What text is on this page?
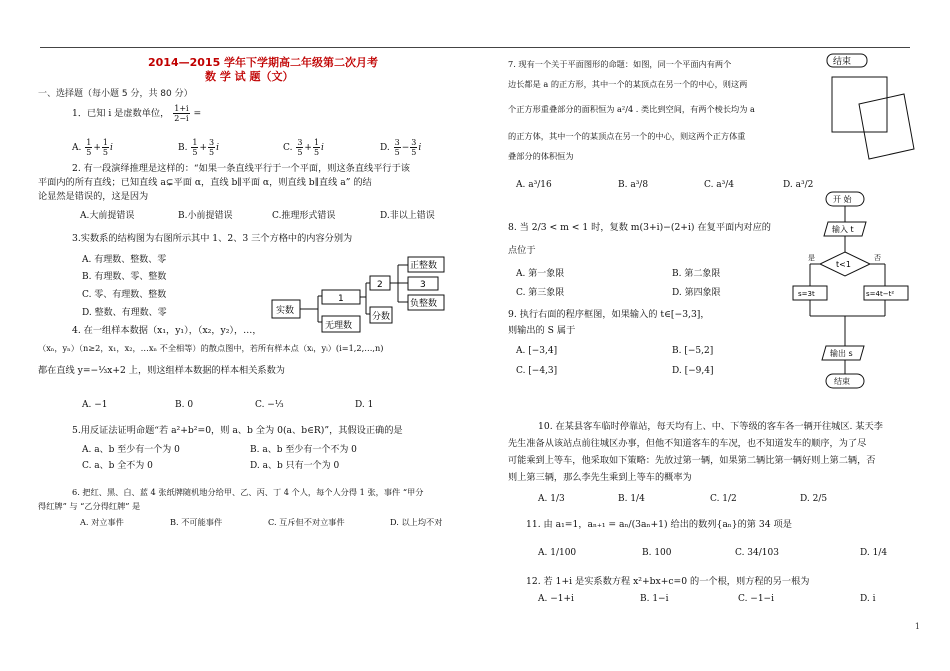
2014—2015 学年下学期高二年级第二次月考
数 学 试 题（文）
一、选择题（每小题 5 分，共 80 分）
1．已知 i 是虚数单位， $\frac{1+i}{2-i}$ =
A. $\frac{1}{5} + \frac{1}{5}$ i	B. $\frac{1}{5} + \frac{3}{5}$ i	C. $\frac{3}{5} + \frac{1}{5}$ i	D. $\frac{3}{5} - \frac{3}{5}$ i
2. 有一段演绎推理是这样的：“如果一条直线平行于一个平面，则这条直线平行于该
平面内的所有直线；已知直线 a⊊平面 α，直线 b∥平面 α，则直线 b∥直线 a” 的结
论显然是错误的，这是因为
A.大前提错误	B.小前提错误	C.推理形式错误	D.非以上错误
3.实数系的结构图为右图所示其中 1、2、3 三个方格中的内容分别为
A. 有理数、整数、零
B. 有理数、零、整数
C. 零、有理数、整数
D. 整数、有理数、零	实数
1
无理数
2
分数
正整数
3
负整数
4. 在一组样本数据（x₁，y₁），（x₂，y₂），…，
（xₙ，yₙ）（n≥2，x₁，x₂，…xₙ 不全相等）的散点图中，若所有样本点（xᵢ，yᵢ）(i=1,2,…,n)
都在直线 y=−⅓x+2 上，则这组样本数据的样本相关系数为
A. −1	B. 0	C. −⅓	D. 1
5.用反证法证明命题“若 a²+b²=0，则 a、b 全为 0(a、b∈R)”，其假设正确的是
A. a、b 至少有一个为 0	B. a、b 至少有一个不为 0
C. a、b 全不为 0	D. a、b 只有一个为 0
6. 把红、黑、白、蓝 4 张纸牌随机地分给甲、乙、丙、丁 4 个人，每个人分得 1 张，事件 “甲分
得红牌” 与 “乙分得红牌” 是
A. 对立事件	B. 不可能事件	C. 互斥但不对立事件	D. 以上均不对
7. 现有一个关于平面图形的命题：如图，同一个平面内有两个
边长都是 a 的正方形，其中一个的某顶点在另一个的中心，则这两
个正方形重叠部分的面积恒为 a²/4 . 类比到空间，有两个棱长均为 a
的正方体，其中一个的某顶点在另一个的中心，则这两个正方体重
叠部分的体积恒为
A. a³/16	B. a³/8	C. a³/4	D. a³/2
结束
8. 当 2/3 < m < 1 时，复数 m(3+i)−(2+i) 在复平面内对应的
点位于
A. 第一象限	B. 第二象限
C. 第三象限	D. 第四象限
9. 执行右面的程序框图，如果输入的 t∈[−3,3]，
则输出的 S 属于
A. [−3,4]	B. [−5,2]
C. [−4,3]	D. [−9,4]
开 始
输入 t
t<1
是	否
s=3t	s=4t−t²
输出 s
结束
10. 在某县客车临时停靠站，每天均有上、中、下等级的客车各一辆开往城区. 某天李
先生准备从该站点前往城区办事，但他不知道客车的车况，也不知道发车的顺序，为了尽
可能乘到上等车，他采取如下策略：先放过第一辆，如果第二辆比第一辆好则上第二辆，否
则上第三辆，那么李先生乘到上等车的概率为
A. 1/3	B. 1/4	C. 1/2	D. 2/5
11. 由 a₁=1，aₙ₊₁ = aₙ/(3aₙ+1) 给出的数列{aₙ}的第 34 项是
A. 1/100	B. 100	C. 34/103	D. 1/4
12. 若 1+i 是实系数方程 x²+bx+c=0 的一个根，则方程的另一根为
A. −1+i	B. 1−i	C. −1−i	D. i
1
